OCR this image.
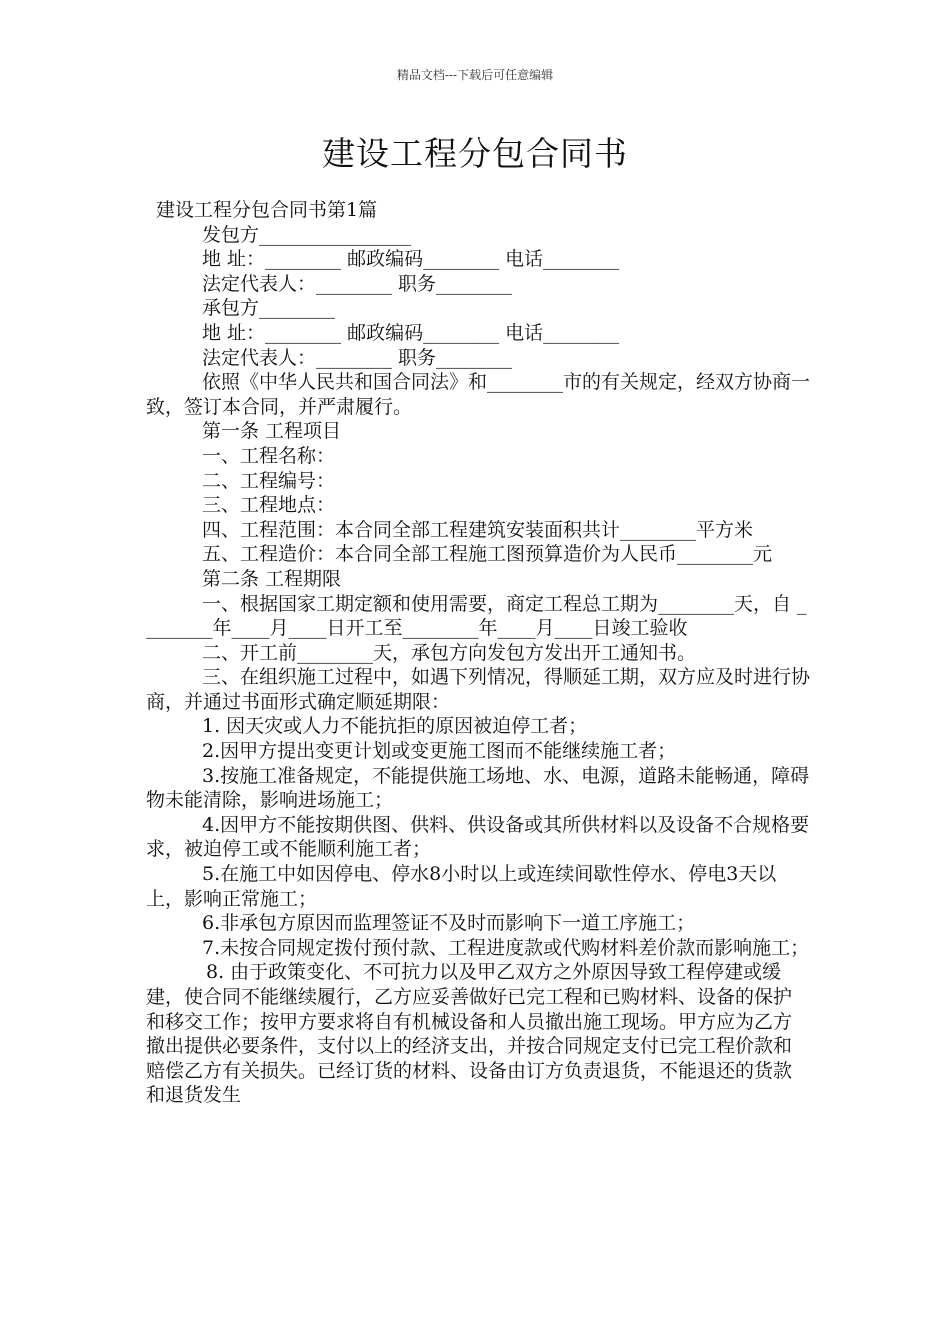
精品文档---下载后可任意编辑
建设工程分包合同书

建设工程分包合同书第1篇

发包方________________

地 址：________ 邮政编码________ 电话________

法定代表人：________ 职务________

承包方________

地 址：________ 邮政编码________ 电话________

法定代表人：________ 职务________

依照《中华人民共和国合同法》和________市的有关规定，经双方协商一致，签订本合同，并严肃履行。

第一条 工程项目

一、工程名称：

二、工程编号：

三、工程地点：

四、工程范围：本合同全部工程建筑安装面积共计________平方米

五、工程造价：本合同全部工程施工图预算造价为人民币________元

第二条 工程期限

一、根据国家工期定额和使用需要，商定工程总工期为________天，自 ________年____月____日开工至________年____月____日竣工验收

二、开工前________天，承包方向发包方发出开工通知书。

三、在组织施工过程中，如遇下列情况，得顺延工期，双方应及时进行协商，并通过书面形式确定顺延期限：

1. 因天灾或人力不能抗拒的原因被迫停工者；

2.因甲方提出变更计划或变更施工图而不能继续施工者；

3.按施工准备规定，不能提供施工场地、水、电源，道路未能畅通，障碍物未能清除，影响进场施工；

4.因甲方不能按期供图、供料、供设备或其所供材料以及设备不合规格要求，被迫停工或不能顺利施工者；

5.在施工中如因停电、停水8小时以上或连续间歇性停水、停电3天以上，影响正常施工；

6.非承包方原因而监理签证不及时而影响下一道工序施工；

7.未按合同规定拨付预付款、工程进度款或代购材料差价款而影响施工；

8. 由于政策变化、不可抗力以及甲乙双方之外原因导致工程停建或缓建，使合同不能继续履行，乙方应妥善做好已完工程和已购材料、设备的保护和移交工作；按甲方要求将自有机械设备和人员撤出施工现场。甲方应为乙方撤出提供必要条件，支付以上的经济支出，并按合同规定支付已完工程价款和赔偿乙方有关损失。已经订货的材料、设备由订方负责退货，不能退还的货款和退货发生
